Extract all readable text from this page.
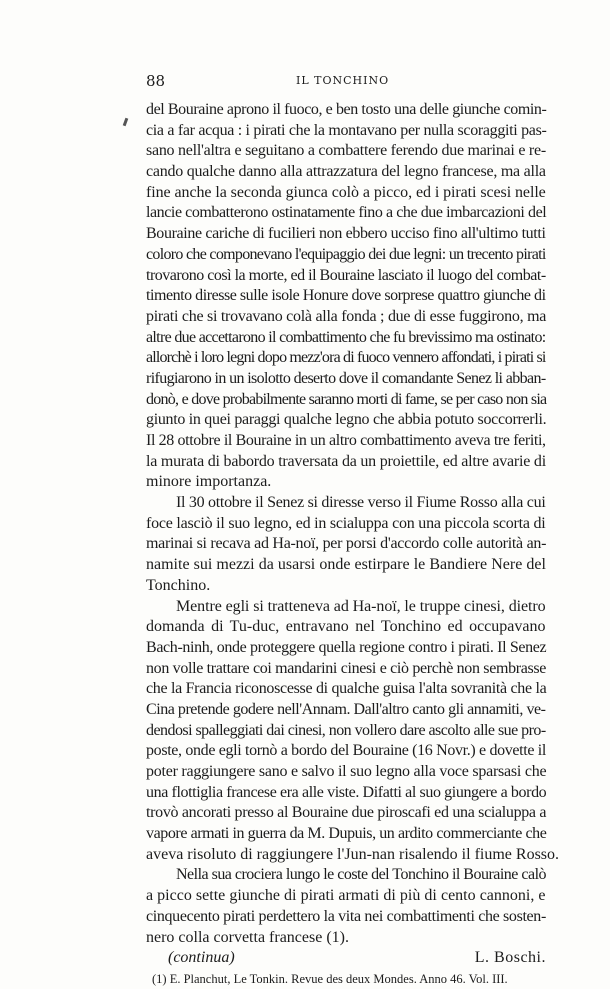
88	IL TONCHINO

del Bouraine aprono il fuoco, e ben tosto una delle giunche comin-
cia a far acqua : i pirati che la montavano per nulla scoraggiti pas-
sano nell'altra e seguitano a combattere ferendo due marinai e re-
cando qualche danno alla attrazzatura del legno francese, ma alla
fine anche la seconda giunca colò a picco, ed i pirati scesi nelle
lancie combatterono ostinatamente fino a che due imbarcazioni del
Bouraine cariche di fucilieri non ebbero ucciso fino all'ultimo tutti
coloro che componevano l'equipaggio dei due legni: un trecento pirati
trovarono così la morte, ed il Bouraine lasciato il luogo del combat-
timento diresse sulle isole Honure dove sorprese quattro giunche di
pirati che si trovavano colà alla fonda ; due di esse fuggirono, ma
altre due accettarono il combattimento che fu brevissimo ma ostinato:
allorchè i loro legni dopo mezz'ora di fuoco vennero affondati, i pirati si
rifugiarono in un isolotto deserto dove il comandante Senez li abban-
donò, e dove probabilmente saranno morti di fame, se per caso non sia
giunto in quei paraggi qualche legno che abbia potuto soccorrerli.
Il 28 ottobre il Bouraine in un altro combattimento aveva tre feriti,
la murata di babordo traversata da un proiettile, ed altre avarie di
minore importanza.

Il 30 ottobre il Senez si diresse verso il Fiume Rosso alla cui
foce lasciò il suo legno, ed in scialuppa con una piccola scorta di
marinai si recava ad Ha-noï, per porsi d'accordo colle autorità an-
namite sui mezzi da usarsi onde estirpare le Bandiere Nere del
Tonchino.

Mentre egli si tratteneva ad Ha-noï, le truppe cinesi, dietro
domanda di Tu-duc, entravano nel Tonchino ed occupavano
Bach-ninh, onde proteggere quella regione contro i pirati. Il Senez
non volle trattare coi mandarini cinesi e ciò perchè non sembrasse
che la Francia riconoscesse di qualche guisa l'alta sovranità che la
Cina pretende godere nell'Annam. Dall'altro canto gli annamiti, ve-
dendosi spalleggiati dai cinesi, non vollero dare ascolto alle sue pro-
poste, onde egli tornò a bordo del Bouraine (16 Novr.) e dovette il
poter raggiungere sano e salvo il suo legno alla voce sparsasi che
una flottiglia francese era alle viste. Difatti al suo giungere a bordo
trovò ancorati presso al Bouraine due piroscafi ed una scialuppa a
vapore armati in guerra da M. Dupuis, un ardito commerciante che
aveva risoluto di raggiungere l'Jun-nan risalendo il fiume Rosso.

Nella sua crociera lungo le coste del Tonchino il Bouraine calò
a picco sette giunche di pirati armati di più di cento cannoni, e
cinquecento pirati perdettero la vita nei combattimenti che sosten-
nero colla corvetta francese (1).

(continua)	L. Boschi.
(1) E. Planchut, Le Tonkin. Revue des deux Mondes. Anno 46. Vol. III.
